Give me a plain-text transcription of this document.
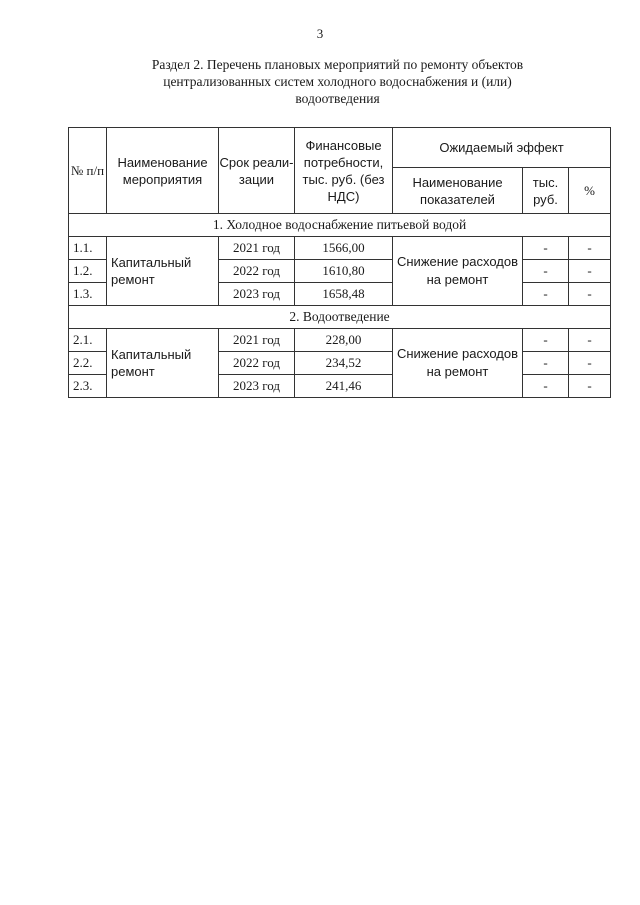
3
Раздел 2. Перечень плановых мероприятий по ремонту объектов
централизованных систем холодного водоснабжения и (или)
водоотведения
№ п/п	Наименование мероприятия	Срок реали-зации	Финансовые потребности, тыс. руб. (без НДС)	Ожидаемый эффект		
				Наименование показателей	тыс. руб.	%
1. Холодное водоснабжение питьевой водой						
1.1.	Капитальный ремонт	2021 год	1566,00	Снижение расходов на ремонт	-	-
1.2.		2022 год	1610,80		-	-
1.3.		2023 год	1658,48		-	-
2. Водоотведение						
2.1.	Капитальный ремонт	2021 год	228,00	Снижение расходов на ремонт	-	-
2.2.		2022 год	234,52		-	-
2.3.		2023 год	241,46		-	-
